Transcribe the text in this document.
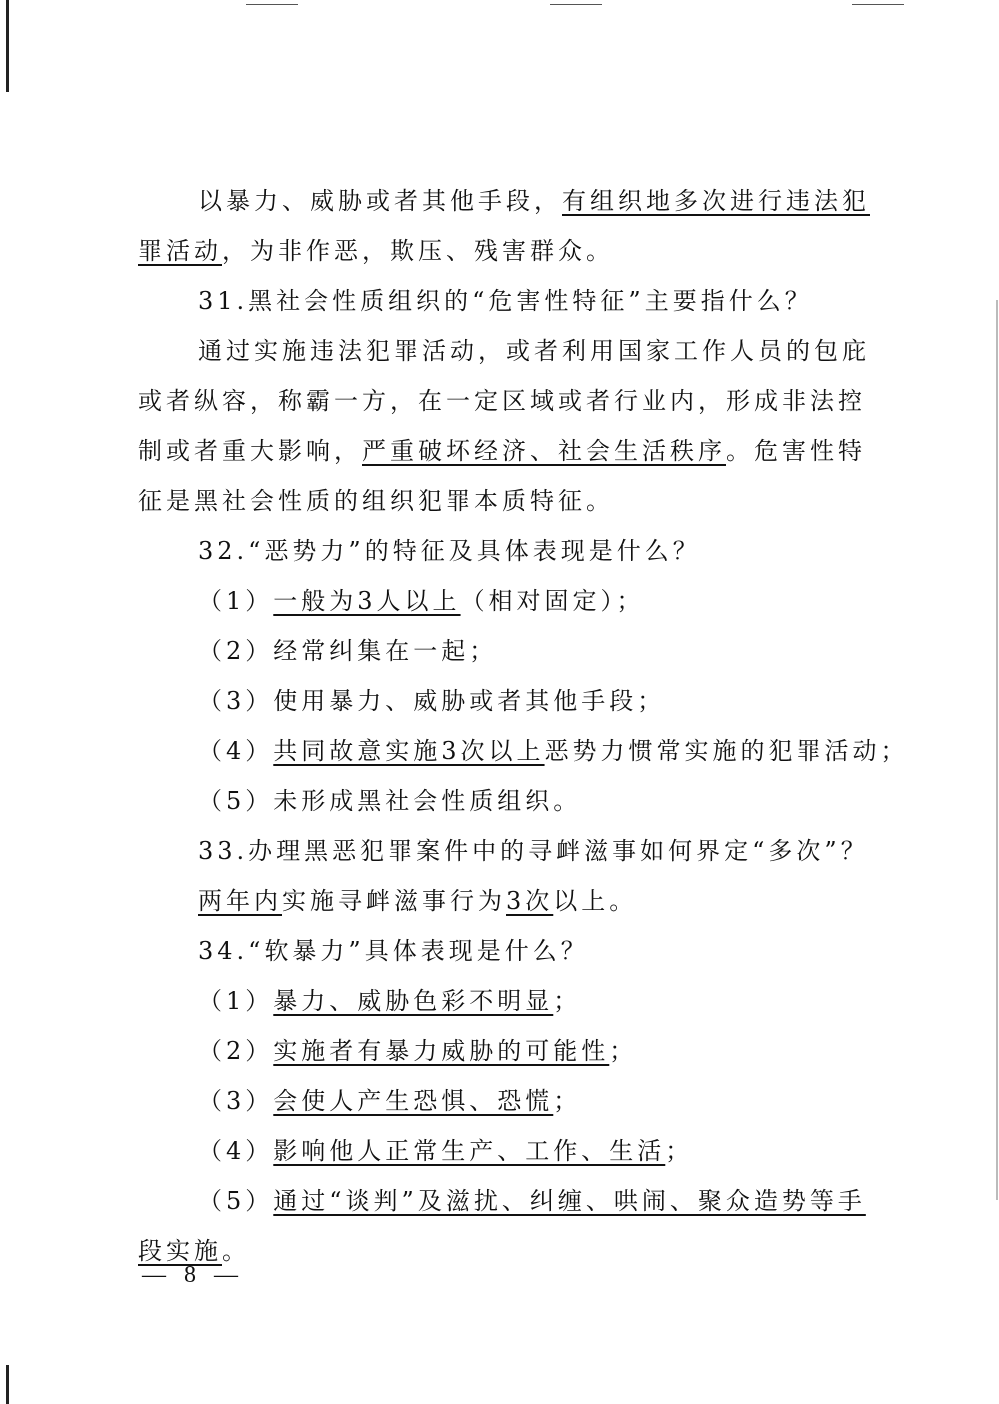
以暴力、威胁或者其他手段，有组织地多次进行违法犯
罪活动，为非作恶，欺压、残害群众。
31.黑社会性质组织的“危害性特征”主要指什么？
通过实施违法犯罪活动，或者利用国家工作人员的包庇
或者纵容，称霸一方，在一定区域或者行业内，形成非法控
制或者重大影响，严重破坏经济、社会生活秩序。危害性特
征是黑社会性质的组织犯罪本质特征。
32.“恶势力”的特征及具体表现是什么？
（1）一般为3人以上（相对固定）；
（2）经常纠集在一起；
（3）使用暴力、威胁或者其他手段；
（4）共同故意实施3次以上恶势力惯常实施的犯罪活动；
（5）未形成黑社会性质组织。
33.办理黑恶犯罪案件中的寻衅滋事如何界定“多次”？
两年内实施寻衅滋事行为3次以上。
34.“软暴力”具体表现是什么？
（1）暴力、威胁色彩不明显；
（2）实施者有暴力威胁的可能性；
（3）会使人产生恐惧、恐慌；
（4）影响他人正常生产、工作、生活；
（5）通过“谈判”及滋扰、纠缠、哄闹、聚众造势等手
段实施。
— 8 —
